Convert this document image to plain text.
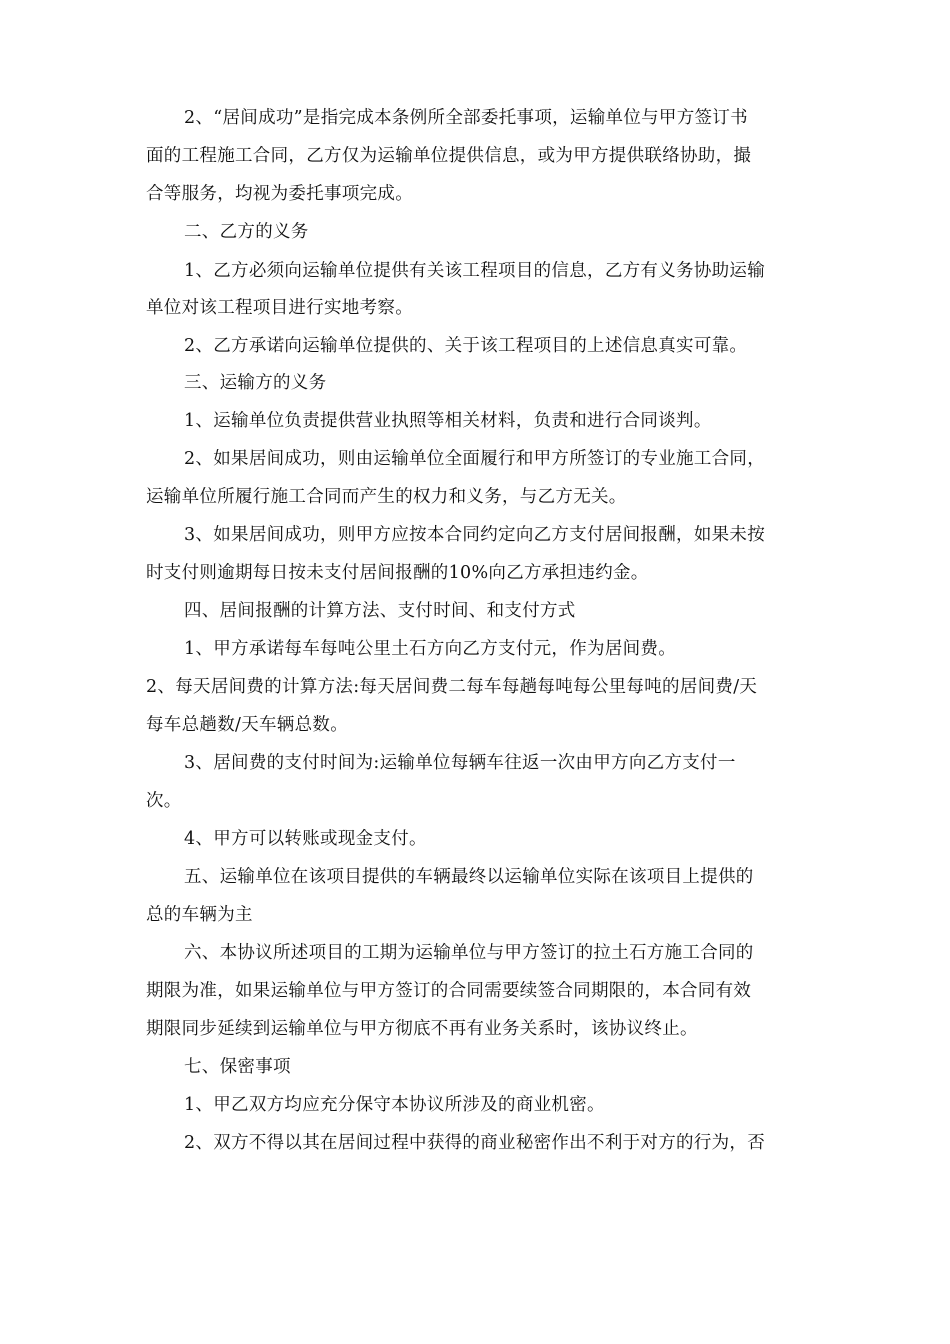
2、“居间成功”是指完成本条例所全部委托事项，运输单位与甲方签订书
面的工程施工合同，乙方仅为运输单位提供信息，或为甲方提供联络协助，撮
合等服务，均视为委托事项完成。
二、乙方的义务
1、乙方必须向运输单位提供有关该工程项目的信息，乙方有义务协助运输
单位对该工程项目进行实地考察。
2、乙方承诺向运输单位提供的、关于该工程项目的上述信息真实可靠。
三、运输方的义务
1、运输单位负责提供营业执照等相关材料，负责和进行合同谈判。
2、如果居间成功，则由运输单位全面履行和甲方所签订的专业施工合同，
运输单位所履行施工合同而产生的权力和义务，与乙方无关。
3、如果居间成功，则甲方应按本合同约定向乙方支付居间报酬，如果未按
时支付则逾期每日按未支付居间报酬的10%向乙方承担违约金。
四、居间报酬的计算方法、支付时间、和支付方式
1、甲方承诺每车每吨公里土石方向乙方支付元，作为居间费。
2、每天居间费的计算方法:每天居间费二每车每趟每吨每公里每吨的居间费/天
每车总趟数/天车辆总数。
3、居间费的支付时间为:运输单位每辆车往返一次由甲方向乙方支付一
次。
4、甲方可以转账或现金支付。
五、运输单位在该项目提供的车辆最终以运输单位实际在该项目上提供的
总的车辆为主
六、本协议所述项目的工期为运输单位与甲方签订的拉土石方施工合同的
期限为准，如果运输单位与甲方签订的合同需要续签合同期限的，本合同有效
期限同步延续到运输单位与甲方彻底不再有业务关系时，该协议终止。
七、保密事项
1、甲乙双方均应充分保守本协议所涉及的商业机密。
2、双方不得以其在居间过程中获得的商业秘密作出不利于对方的行为，否
